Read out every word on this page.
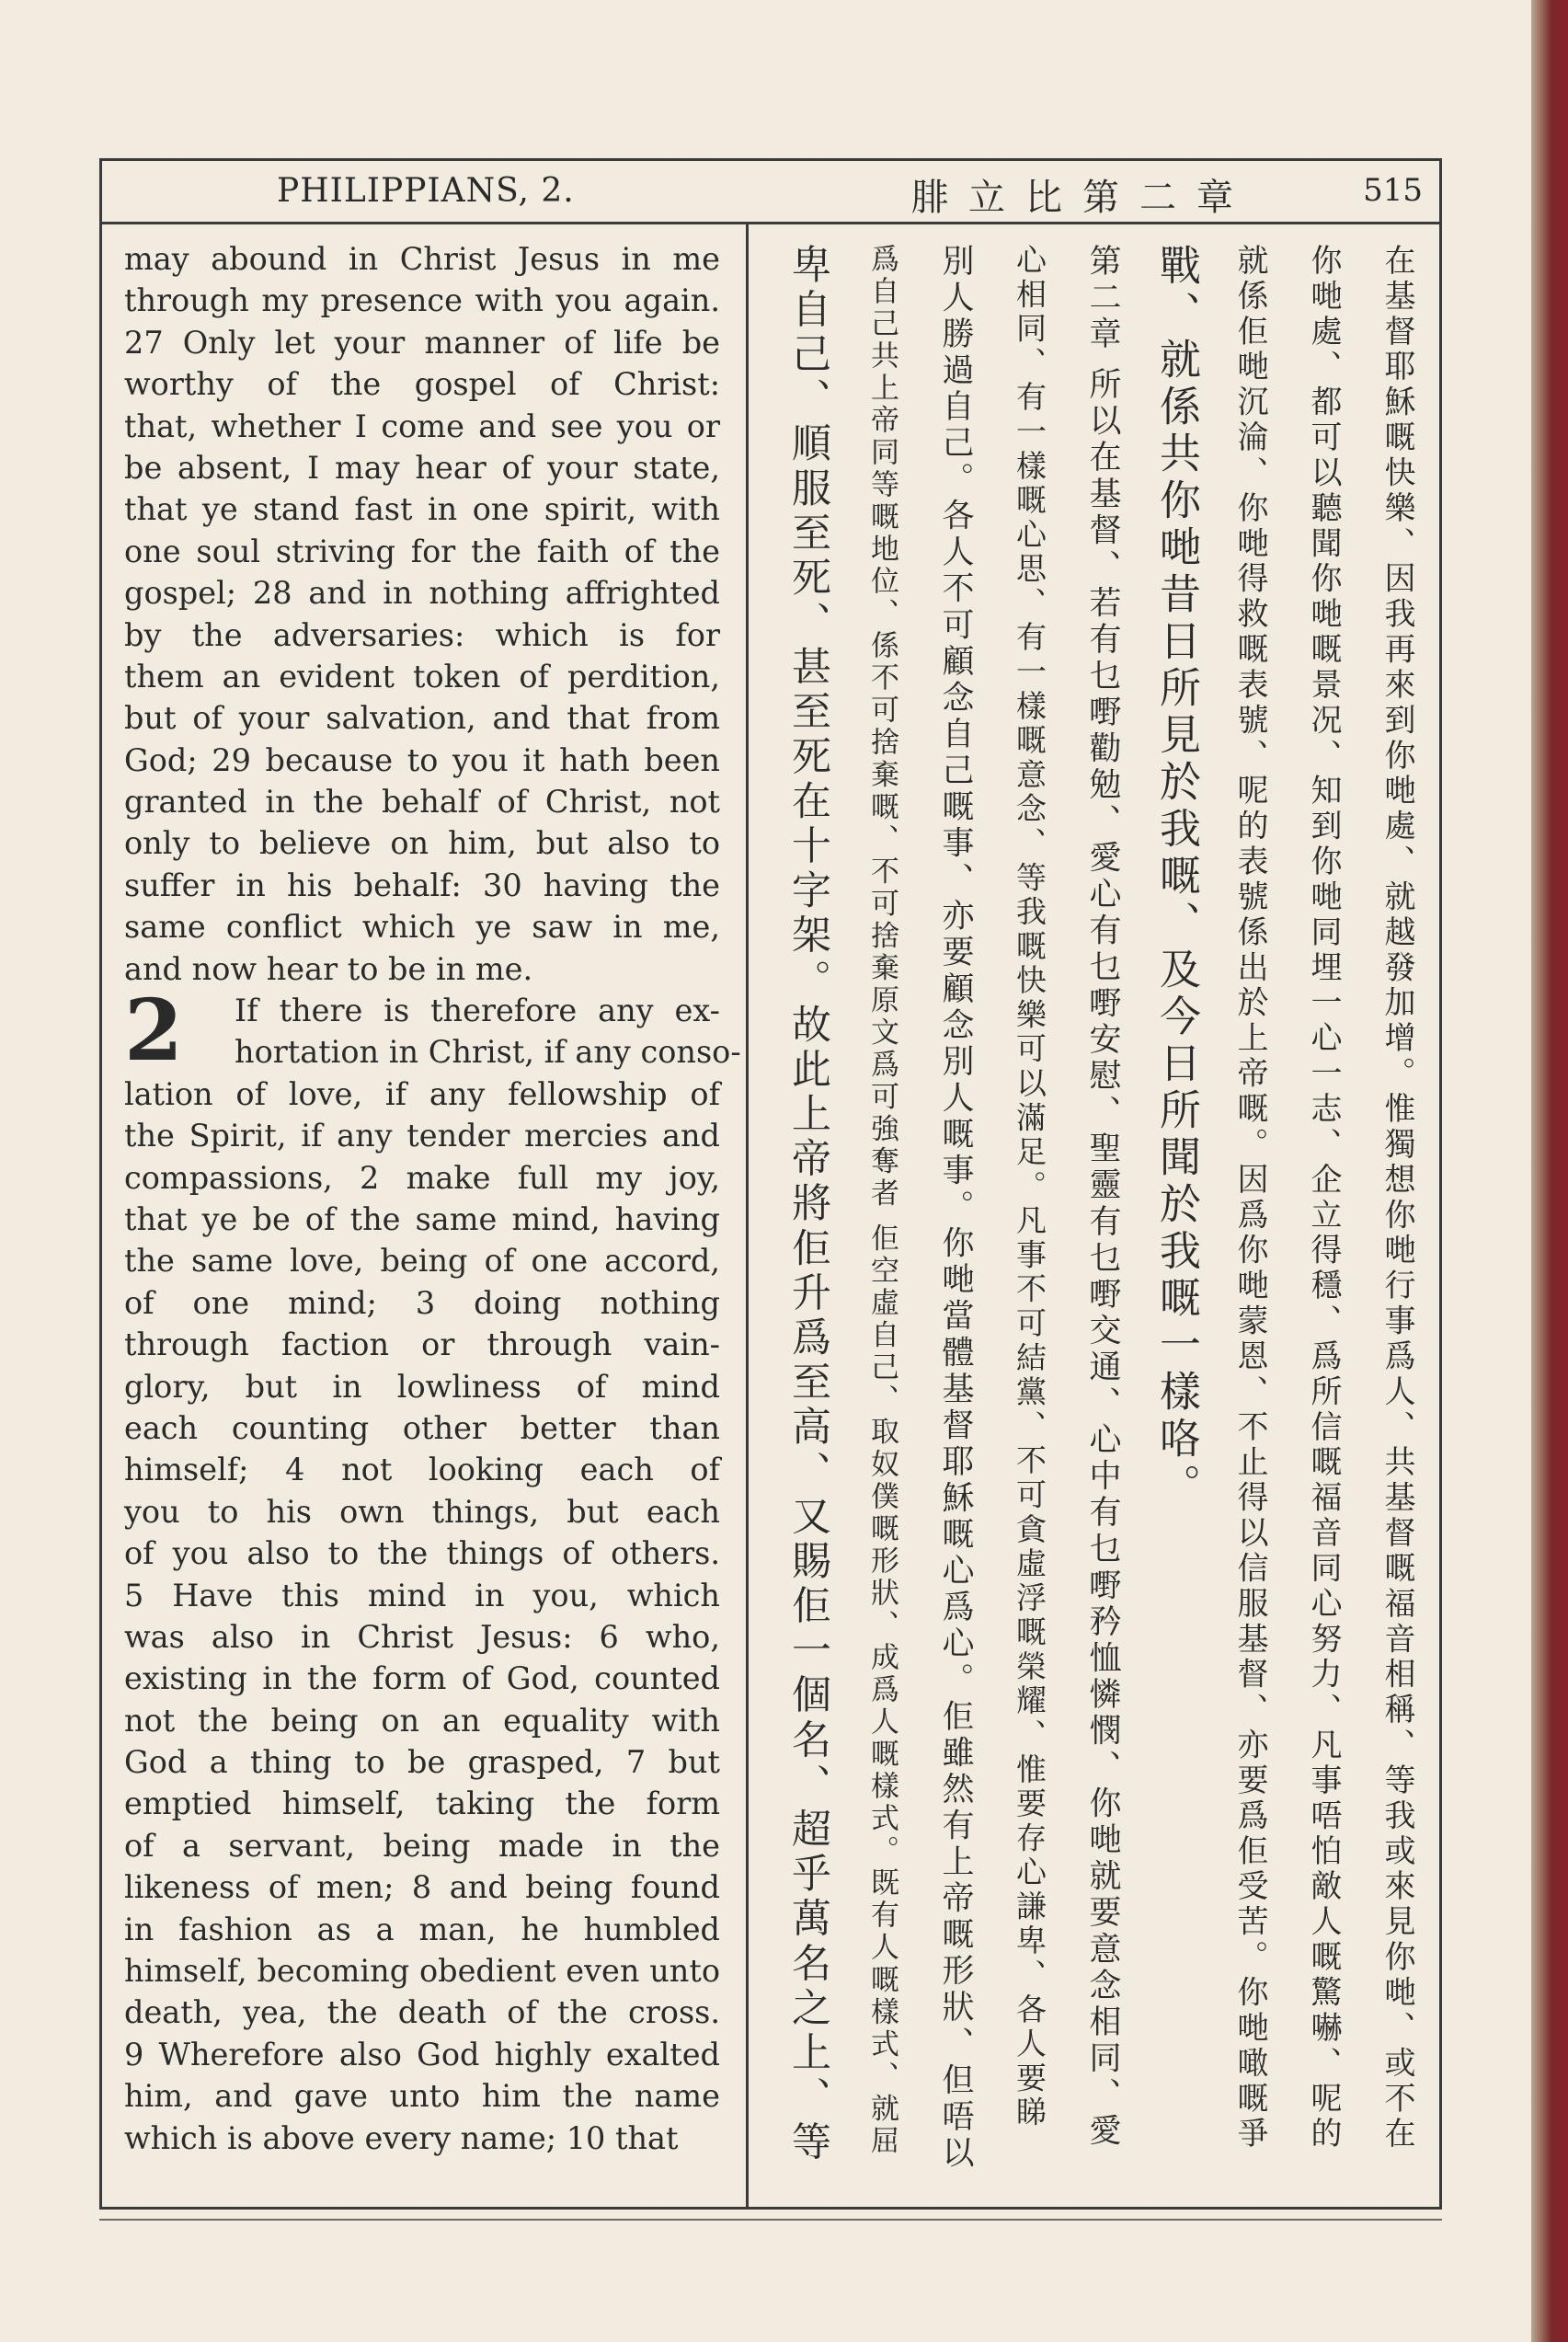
PHILIPPIANS, 2.	腓立比第二章	515
may abound in Christ Jesus in me
through my presence with you again.
27 Only let your manner of life be
worthy of the gospel of Christ:
that, whether I come and see you or
be absent, I may hear of your state,
that ye stand fast in one spirit, with
one soul striving for the faith of the
gospel; 28 and in nothing affrighted
by the adversaries: which is for
them an evident token of perdition,
but of your salvation, and that from
God; 29 because to you it hath been
granted in the behalf of Christ, not
only to believe on him, but also to
suffer in his behalf: 30 having the
same conflict which ye saw in me,
and now hear to be in me.
2 If there is therefore any ex-
hortation in Christ, if any conso-
lation of love, if any fellowship of
the Spirit, if any tender mercies and
compassions, 2 make full my joy,
that ye be of the same mind, having
the same love, being of one accord,
of one mind; 3 doing nothing
through faction or through vain-
glory, but in lowliness of mind
each counting other better than
himself; 4 not looking each of
you to his own things, but each
of you also to the things of others.
5 Have this mind in you, which
was also in Christ Jesus: 6 who,
existing in the form of God, counted
not the being on an equality with
God a thing to be grasped, 7 but
emptied himself, taking the form
of a servant, being made in the
likeness of men; 8 and being found
in fashion as a man, he humbled
himself, becoming obedient even unto
death, yea, the death of the cross.
9 Wherefore also God highly exalted
him, and gave unto him the name
which is above every name; 10 that	在基督耶穌嘅快樂、因我再來到你哋處、就越發加增。惟獨想你哋行事爲人、共基督嘅福音相稱、等我或來見你哋、或不在
你哋處、都可以聽聞你哋嘅景况、知到你哋同埋一心一志、企立得穩、爲所信嘅福音同心努力、凡事唔怕敵人嘅驚嚇、呢的
就係佢哋沉淪、你哋得救嘅表號、呢的表號係出於上帝嘅。因爲你哋蒙恩、不止得以信服基督、亦要爲佢受苦。你哋噉嘅爭
戰、就係共你哋昔日所見於我嘅、及今日所聞於我嘅一樣咯。
第二章 所以在基督、若有乜嘢勸勉、愛心有乜嘢安慰、聖靈有乜嘢交通、心中有乜嘢矜恤憐憫、你哋就要意念相同、愛
心相同、有一樣嘅心思、有一樣嘅意念、等我嘅快樂可以滿足。凡事不可結黨、不可貪虛浮嘅榮耀、惟要存心謙卑、各人要睇
別人勝過自己。各人不可顧念自己嘅事、亦要顧念別人嘅事。你哋當體基督耶穌嘅心爲心。佢雖然有上帝嘅形狀、但唔以
爲自己共上帝同等嘅地位、係不可捨棄嘅、不可捨棄原文爲可強奪者 佢空虛自己、取奴僕嘅形狀、成爲人嘅樣式。既有人嘅樣式、就屈
卑自己、順服至死、甚至死在十字架。故此上帝將佢升爲至高、又賜佢一個名、超乎萬名之上、等
